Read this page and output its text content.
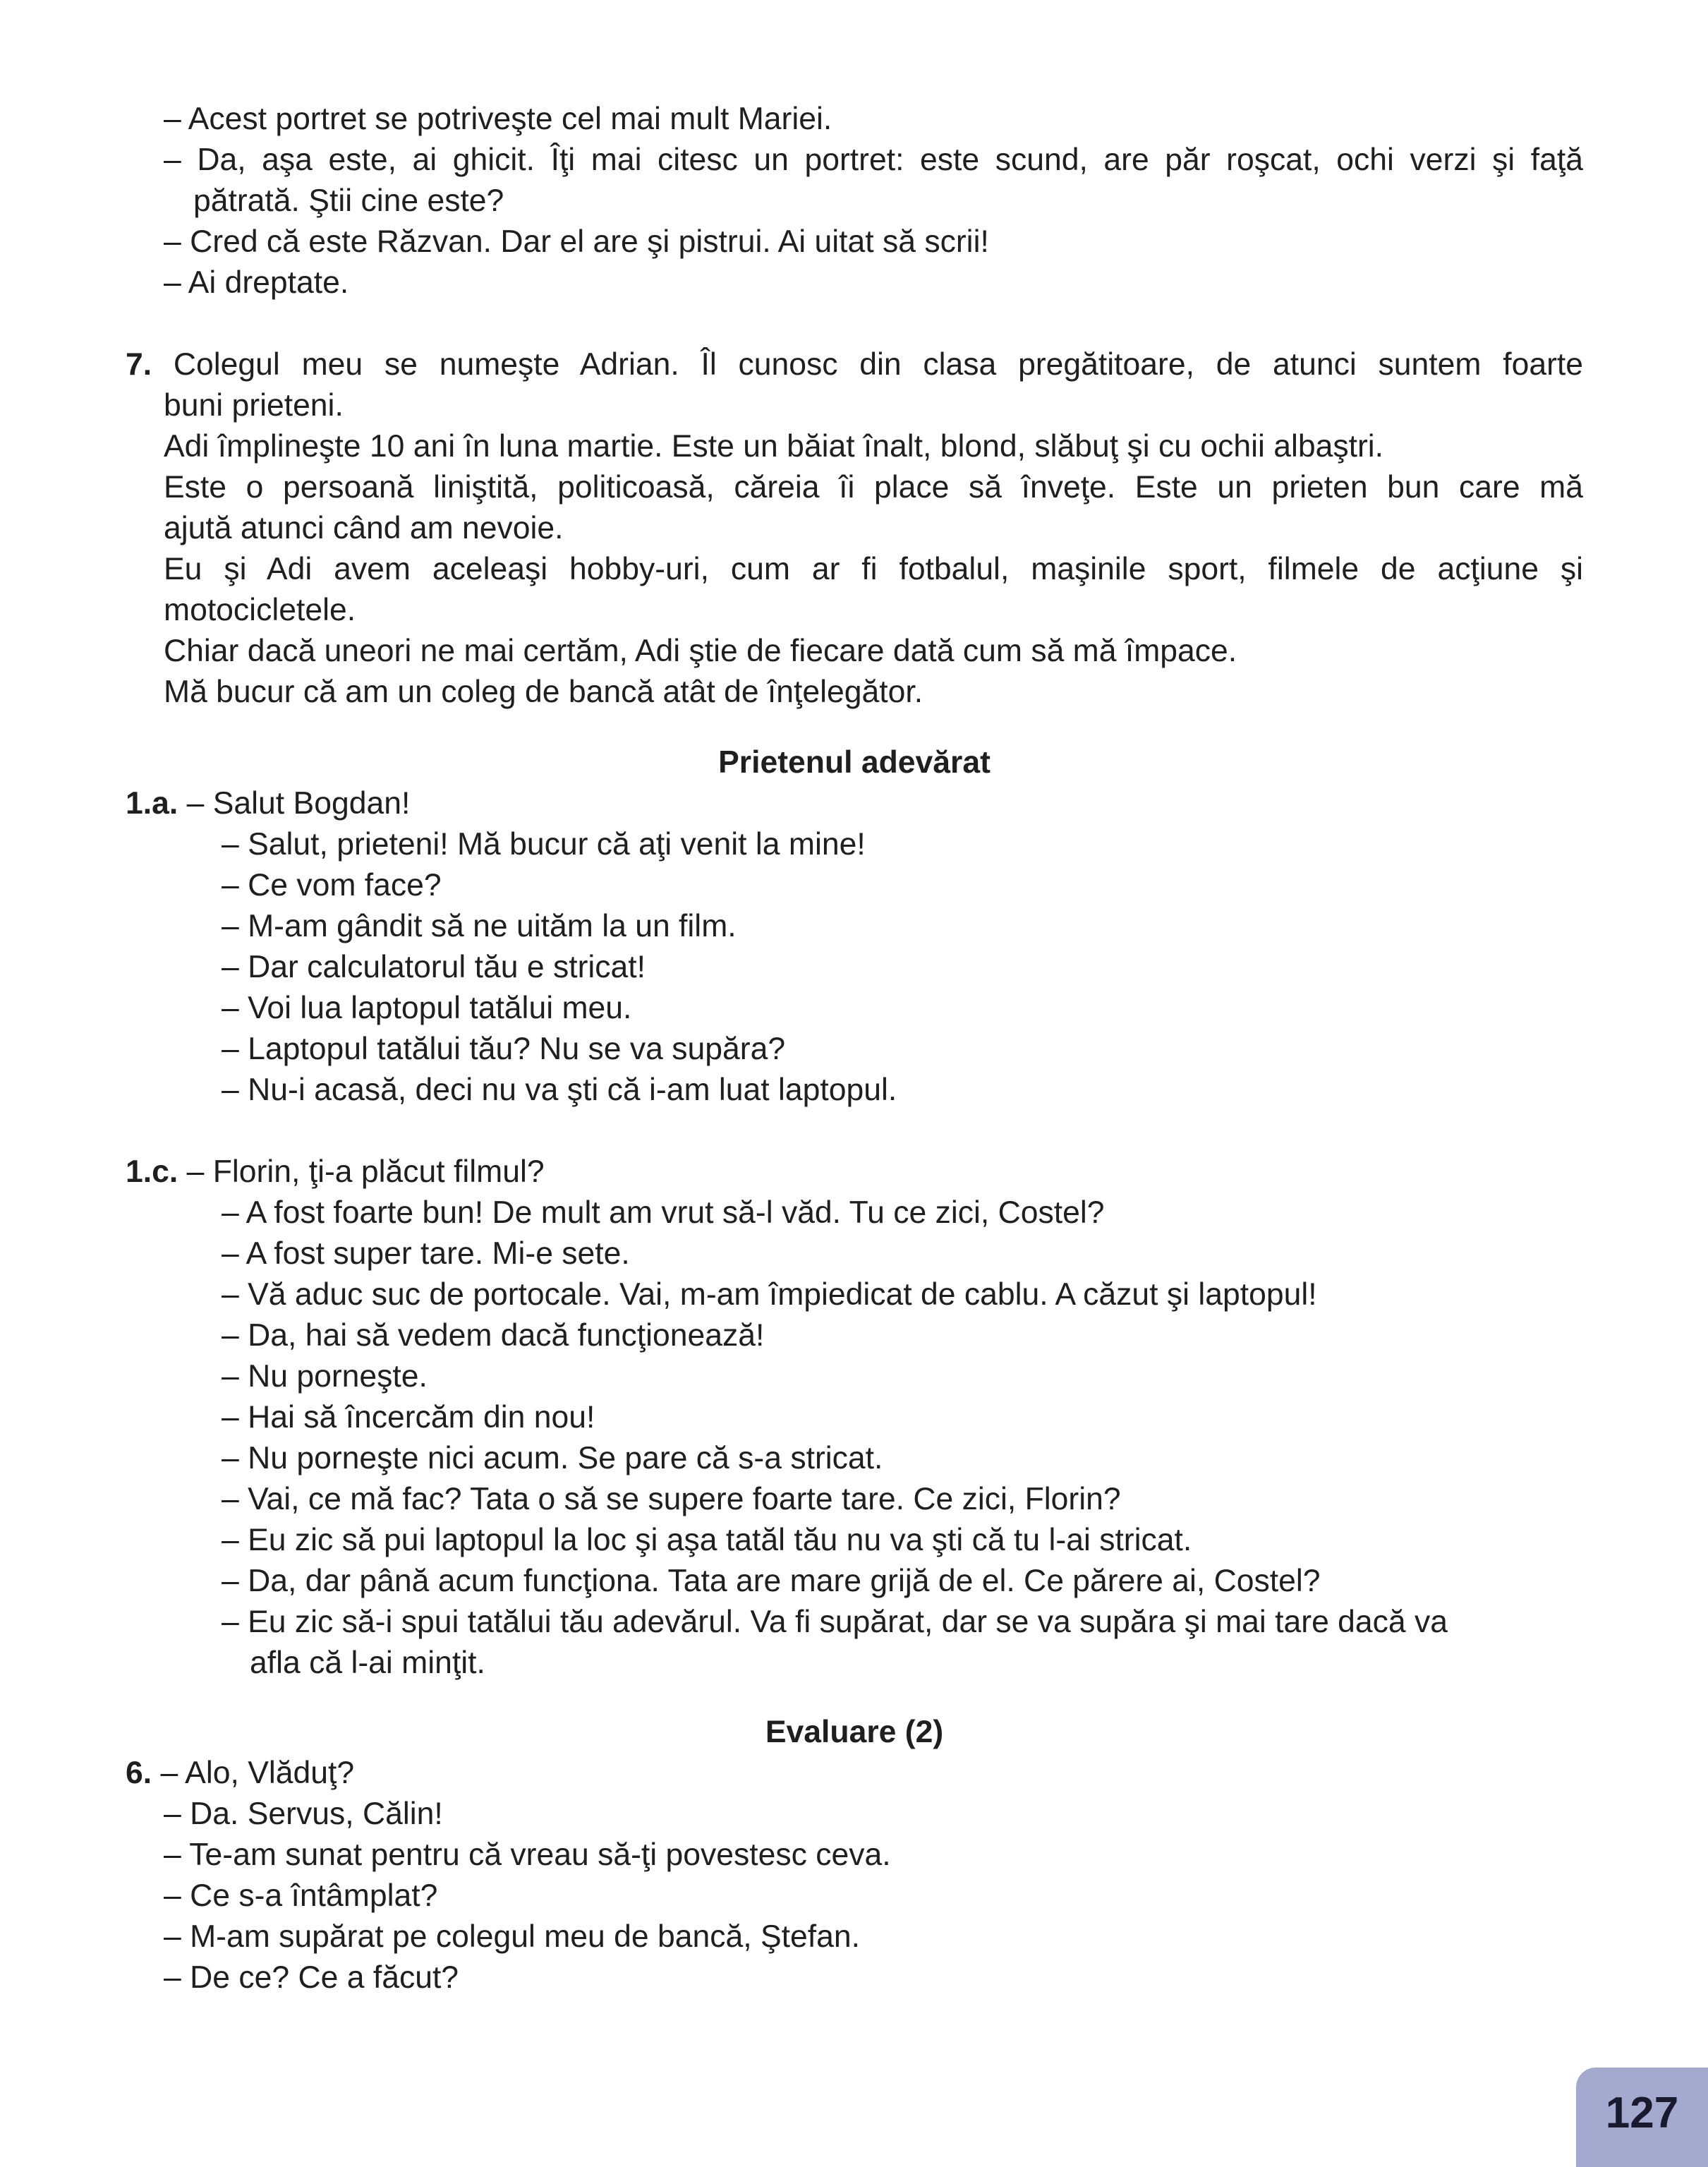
– Acest portret se potriveşte cel mai mult Mariei.
– Da, aşa este, ai ghicit. Îţi mai citesc un portret: este scund, are păr roşcat, ochi verzi şi faţă
pătrată. Ştii cine este?
– Cred că este Răzvan. Dar el are şi pistrui. Ai uitat să scrii!
– Ai dreptate.
7. Colegul meu se numeşte Adrian. Îl cunosc din clasa pregătitoare, de atunci suntem foarte
buni prieteni.
Adi împlineşte 10 ani în luna martie. Este un băiat înalt, blond, slăbuţ şi cu ochii albaştri.
Este o persoană liniştită, politicoasă, căreia îi place să înveţe. Este un prieten bun care mă
ajută atunci când am nevoie.
Eu şi Adi avem aceleaşi hobby-uri, cum ar fi fotbalul, maşinile sport, filmele de acţiune şi
motocicletele.
Chiar dacă uneori ne mai certăm, Adi ştie de fiecare dată cum să mă împace.
Mă bucur că am un coleg de bancă atât de înţelegător.
Prietenul adevărat
1.a. – Salut Bogdan!
– Salut, prieteni! Mă bucur că aţi venit la mine!
– Ce vom face?
– M-am gândit să ne uităm la un film.
– Dar calculatorul tău e stricat!
– Voi lua laptopul tatălui meu.
– Laptopul tatălui tău? Nu se va supăra?
– Nu-i acasă, deci nu va şti că i-am luat laptopul.
1.c. – Florin, ţi-a plăcut filmul?
– A fost foarte bun! De mult am vrut să-l văd. Tu ce zici, Costel?
– A fost super tare. Mi-e sete.
– Vă aduc suc de portocale. Vai, m-am împiedicat de cablu. A căzut şi laptopul!
– Da, hai să vedem dacă funcţionează!
– Nu porneşte.
– Hai să încercăm din nou!
– Nu porneşte nici acum. Se pare că s-a stricat.
– Vai, ce mă fac? Tata o să se supere foarte tare. Ce zici, Florin?
– Eu zic să pui laptopul la loc şi aşa tatăl tău nu va şti că tu l-ai stricat.
– Da, dar până acum funcţiona. Tata are mare grijă de el. Ce părere ai, Costel?
– Eu zic să-i spui tatălui tău adevărul. Va fi supărat, dar se va supăra şi mai tare dacă va
afla că l-ai minţit.
Evaluare (2)
6. – Alo, Vlăduţ?
– Da. Servus, Călin!
– Te-am sunat pentru că vreau să-ţi povestesc ceva.
– Ce s-a întâmplat?
– M-am supărat pe colegul meu de bancă, Ştefan.
– De ce? Ce a făcut?
127
